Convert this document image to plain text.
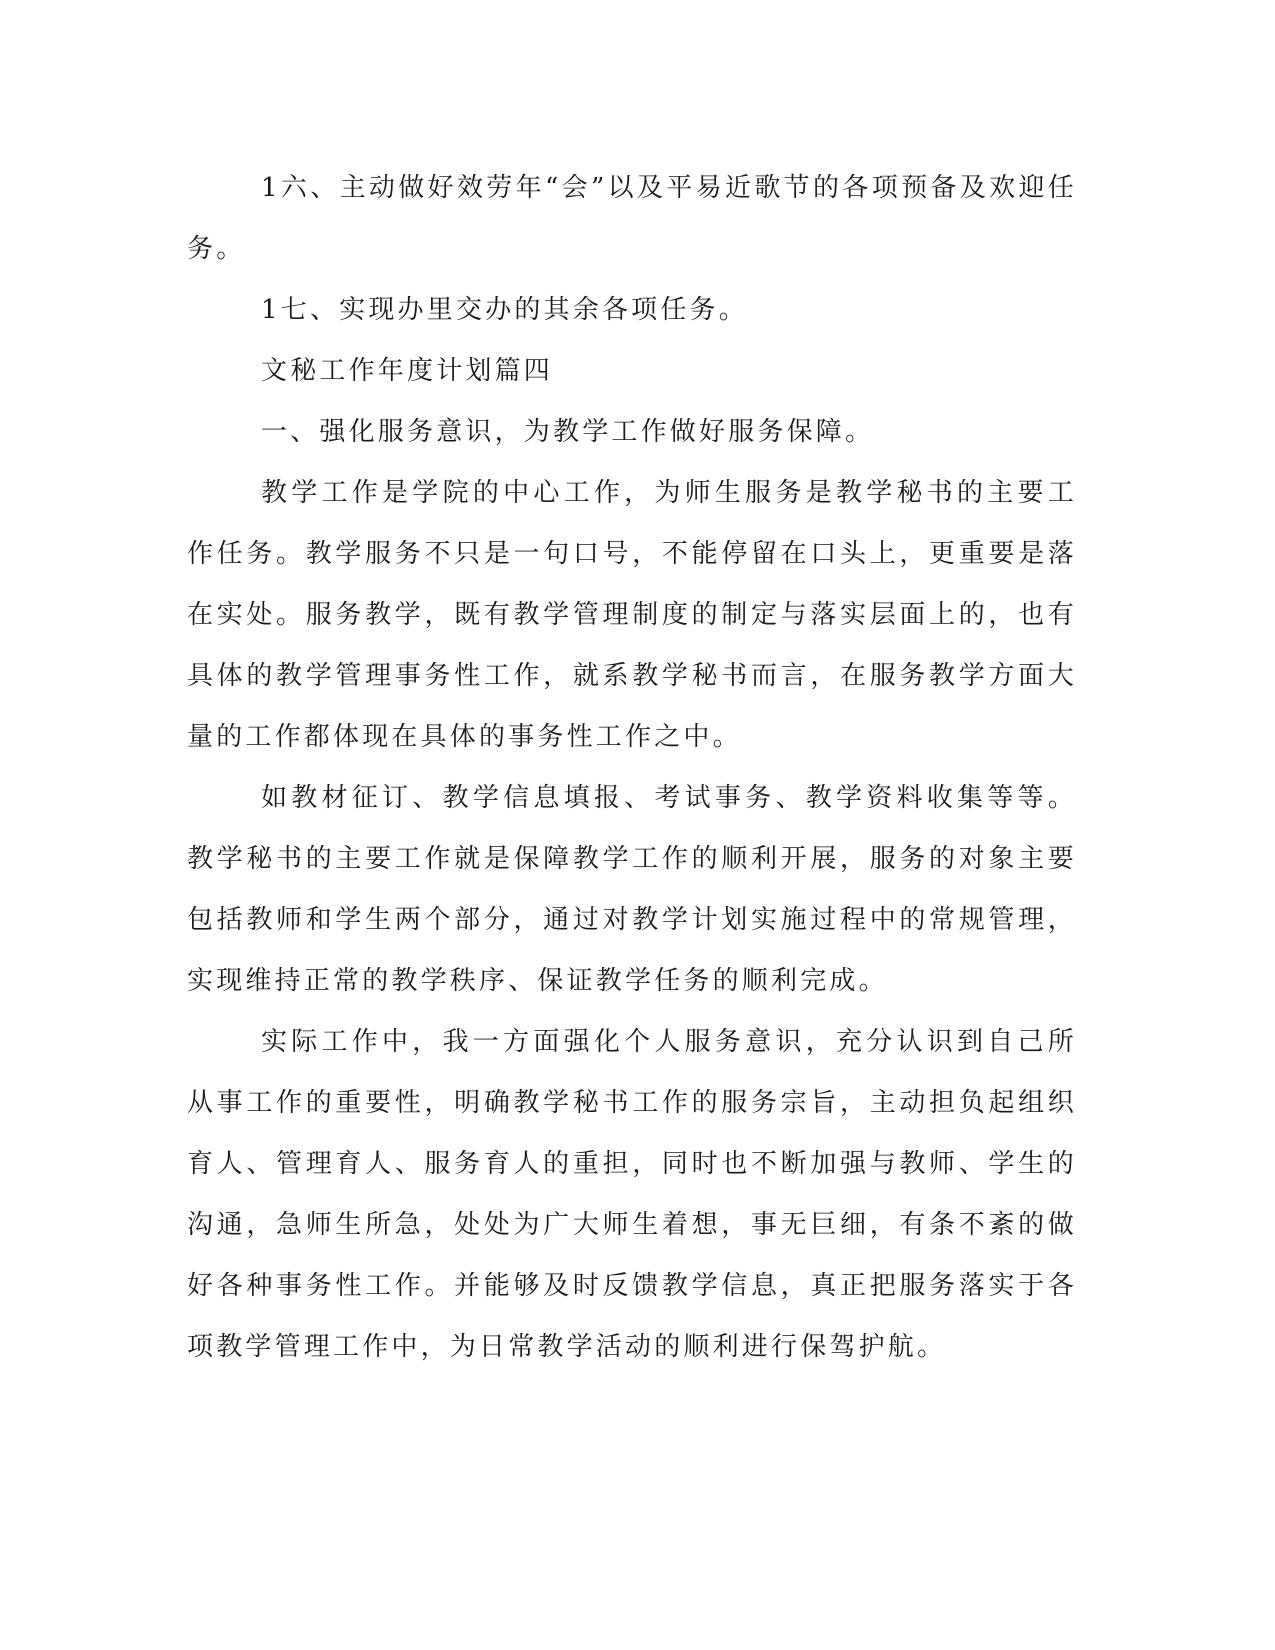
1六、主动做好效劳年“会”以及平易近歌节的各项预备及欢迎任务。

1七、实现办里交办的其余各项任务。

文秘工作年度计划篇四

一、强化服务意识，为教学工作做好服务保障。

教学工作是学院的中心工作，为师生服务是教学秘书的主要工作任务。教学服务不只是一句口号，不能停留在口头上，更重要是落在实处。服务教学，既有教学管理制度的制定与落实层面上的，也有具体的教学管理事务性工作，就系教学秘书而言，在服务教学方面大量的工作都体现在具体的事务性工作之中。

如教材征订、教学信息填报、考试事务、教学资料收集等等。教学秘书的主要工作就是保障教学工作的顺利开展，服务的对象主要包括教师和学生两个部分，通过对教学计划实施过程中的常规管理，实现维持正常的教学秩序、保证教学任务的顺利完成。

实际工作中，我一方面强化个人服务意识，充分认识到自己所从事工作的重要性，明确教学秘书工作的服务宗旨，主动担负起组织育人、管理育人、服务育人的重担，同时也不断加强与教师、学生的沟通，急师生所急，处处为广大师生着想，事无巨细，有条不紊的做好各种事务性工作。并能够及时反馈教学信息，真正把服务落实于各项教学管理工作中，为日常教学活动的顺利进行保驾护航。
